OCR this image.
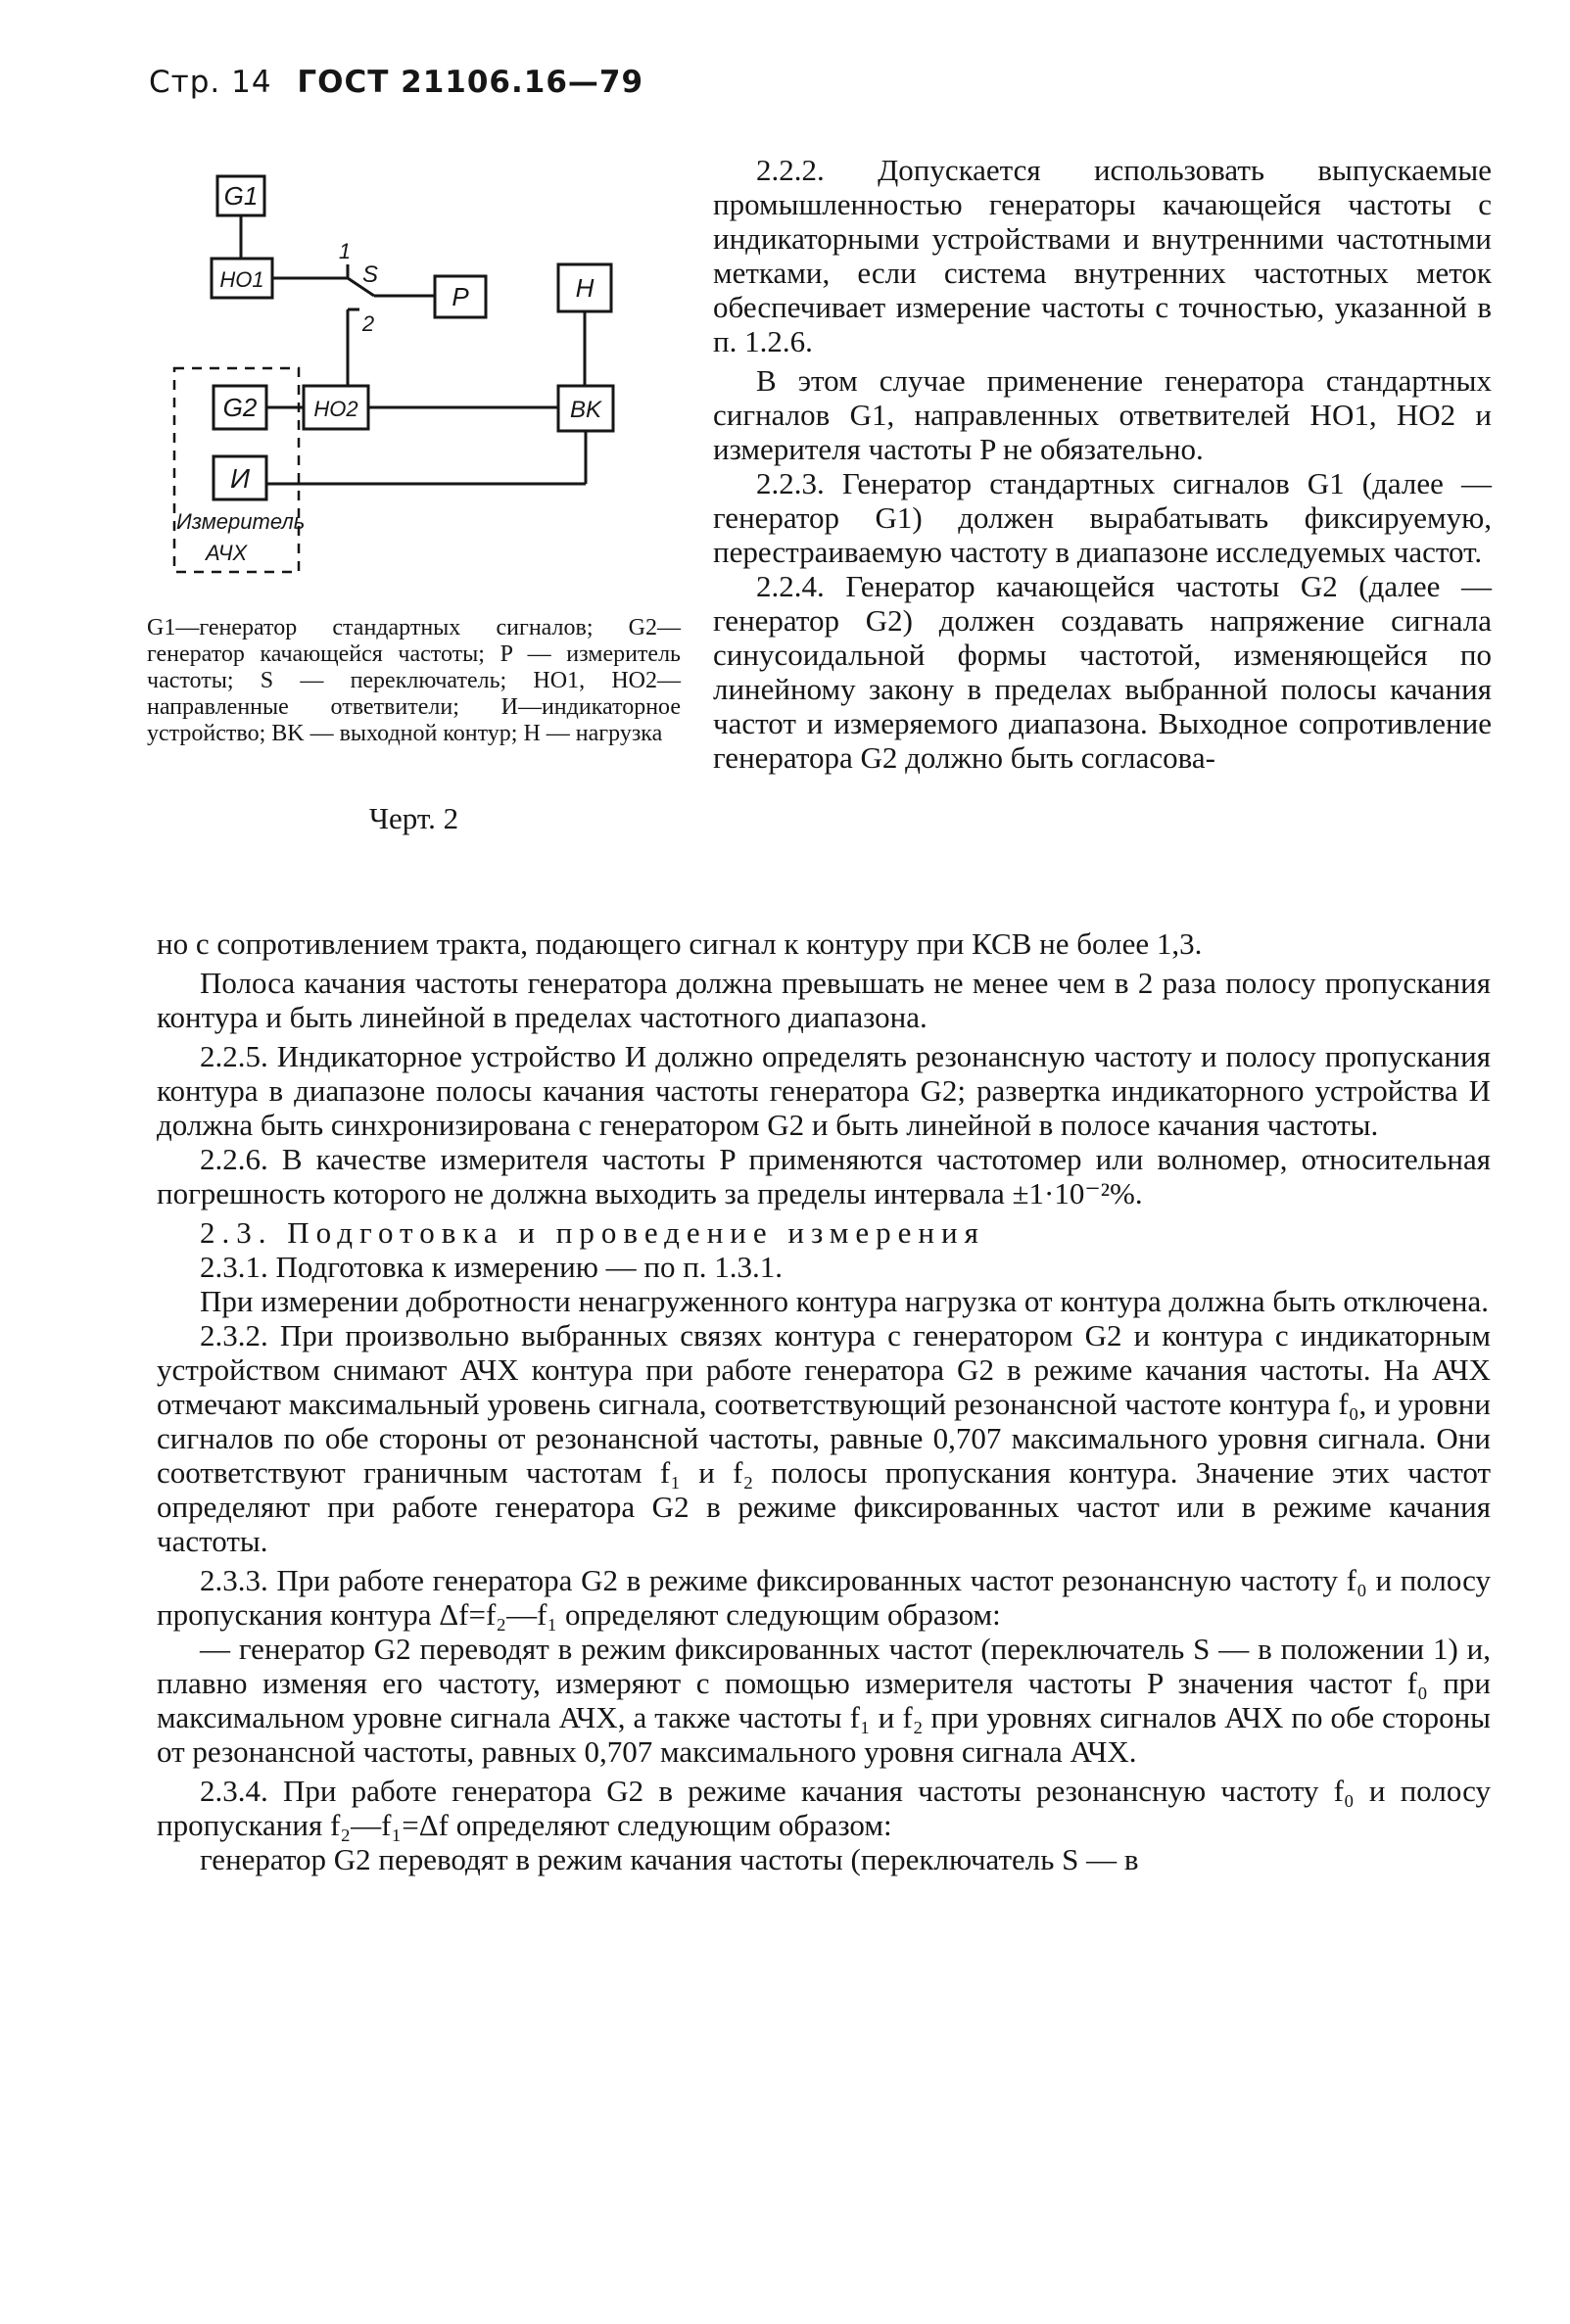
Стр. 14 ГОСТ 21106.16—79
G1
HO1
1
S
P
2
H
G2	HO2	BK
И
Измеритель
АЧХ
G1—генератор стандартных сигналов; G2—генератор качающейся частоты; P — измеритель частоты; S — переключатель; HO1, HO2—направленные ответвители; И—индикаторное устройство; BK — выходной контур; H — нагрузка
Черт. 2

2.2.2. Допускается использовать выпускаемые промышленностью генераторы качающейся частоты с индикаторными устройствами и внутренними частотными метками, если система внутренних частотных меток обеспечивает измерение частоты с точностью, указанной в п. 1.2.6.

В этом случае применение генератора стандартных сигналов G1, направленных ответвителей HO1, HO2 и измерителя частоты P не обязательно.

2.2.3. Генератор стандартных сигналов G1 (далее — генератор G1) должен вырабатывать фиксируемую, перестраиваемую частоту в диапазоне исследуемых частот.

2.2.4. Генератор качающейся частоты G2 (далее — генератор G2) должен создавать напряжение сигнала синусоидальной формы частотой, изменяющейся по линейному закону в пределах выбранной полосы качания частот и измеряемого диапазона. Выходное сопротивление генератора G2 должно быть согласова-

но с сопротивлением тракта, подающего сигнал к контуру при КСВ не более 1,3.

Полоса качания частоты генератора должна превышать не менее чем в 2 раза полосу пропускания контура и быть линейной в пределах частотного диапазона.

2.2.5. Индикаторное устройство И должно определять резонансную частоту и полосу пропускания контура в диапазоне полосы качания частоты генератора G2; развертка индикаторного устройства И должна быть синхронизирована с генератором G2 и быть линейной в полосе качания частоты.

2.2.6. В качестве измерителя частоты P применяются частотомер или волномер, относительная погрешность которого не должна выходить за пределы интервала ±1·10⁻²%.

2.3. Подготовка и проведение измерения

2.3.1. Подготовка к измерению — по п. 1.3.1.

При измерении добротности ненагруженного контура нагрузка от контура должна быть отключена.

2.3.2. При произвольно выбранных связях контура с генератором G2 и контура с индикаторным устройством снимают АЧХ контура при работе генератора G2 в режиме качания частоты. На АЧХ отмечают максимальный уровень сигнала, соответствующий резонансной частоте контура f₀, и уровни сигналов по обе стороны от резонансной частоты, равные 0,707 максимального уровня сигнала. Они соответствуют граничным частотам f₁ и f₂ полосы пропускания контура. Значение этих частот определяют при работе генератора G2 в режиме фиксированных частот или в режиме качания частоты.

2.3.3. При работе генератора G2 в режиме фиксированных частот резонансную частоту f₀ и полосу пропускания контура Δf=f₂—f₁ определяют следующим образом:

— генератор G2 переводят в режим фиксированных частот (переключатель S — в положении 1) и, плавно изменяя его частоту, измеряют с помощью измерителя частоты P значения частот f₀ при максимальном уровне сигнала АЧХ, а также частоты f₁ и f₂ при уровнях сигналов АЧХ по обе стороны от резонансной частоты, равных 0,707 максимального уровня сигнала АЧХ.

2.3.4. При работе генератора G2 в режиме качания частоты резонансную частоту f₀ и полосу пропускания f₂—f₁=Δf определяют следующим образом:

генератор G2 переводят в режим качания частоты (переключатель S — в
